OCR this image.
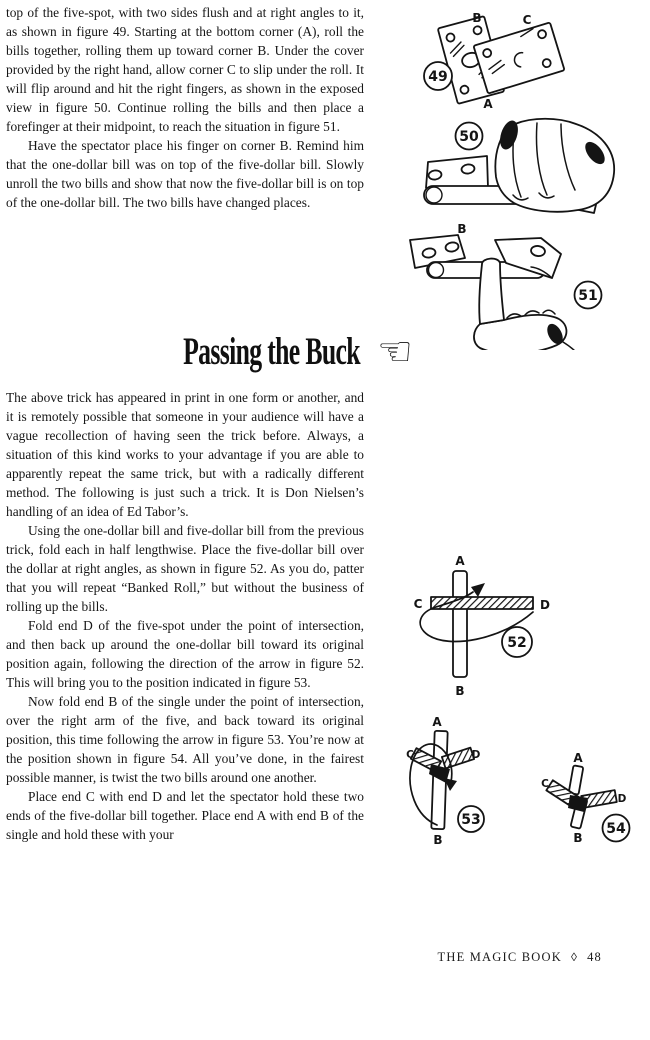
top of the five-spot, with two sides flush and at right angles to it, as shown in figure 49. Starting at the bottom corner (A), roll the bills together, rolling them up toward corner B. Under the cover provided by the right hand, allow corner C to slip under the roll. It will flip around and hit the right fingers, as shown in the exposed view in figure 50. Continue rolling the bills and then place a forefinger at their midpoint, to reach the situation in figure 51.

Have the spectator place his finger on corner B. Remind him that the one-dollar bill was on top of the five-dollar bill. Slowly unroll the two bills and show that now the five-dollar bill is on top of the one-dollar bill. The two bills have changed places.

Passing the Buck ☜

The above trick has appeared in print in one form or another, and it is remotely possible that someone in your audience will have a vague recollection of having seen the trick before. Always, a situation of this kind works to your advantage if you are able to apparently repeat the same trick, but with a radically different method. The following is just such a trick. It is Don Nielsen’s handling of an idea of Ed Tabor’s.

Using the one-dollar bill and five-dollar bill from the previous trick, fold each in half lengthwise. Place the five-dollar bill over the dollar at right angles, as shown in figure 52. As you do, patter that you will repeat “Banked Roll,” but without the business of rolling up the bills.

Fold end D of the five-spot under the point of intersection, and then back up around the one-dollar bill toward its original position again, following the direction of the arrow in figure 52. This will bring you to the position indicated in figure 53.

Now fold end B of the single under the point of intersection, over the right arm of the five, and back toward its original position, this time following the arrow in figure 53. You’re now at the position shown in figure 54. All you’ve done, in the fairest possible manner, is twist the two bills around one another.

Place end C with end D and let the spectator hold these two ends of the five-dollar bill together. Place end A with end B of the single and hold these with your

B	C
A
49
50
B
51
A
C	D
B
52
A
C	D
B
53
A
C
D
B
54
THE MAGIC BOOK ◊ 48
